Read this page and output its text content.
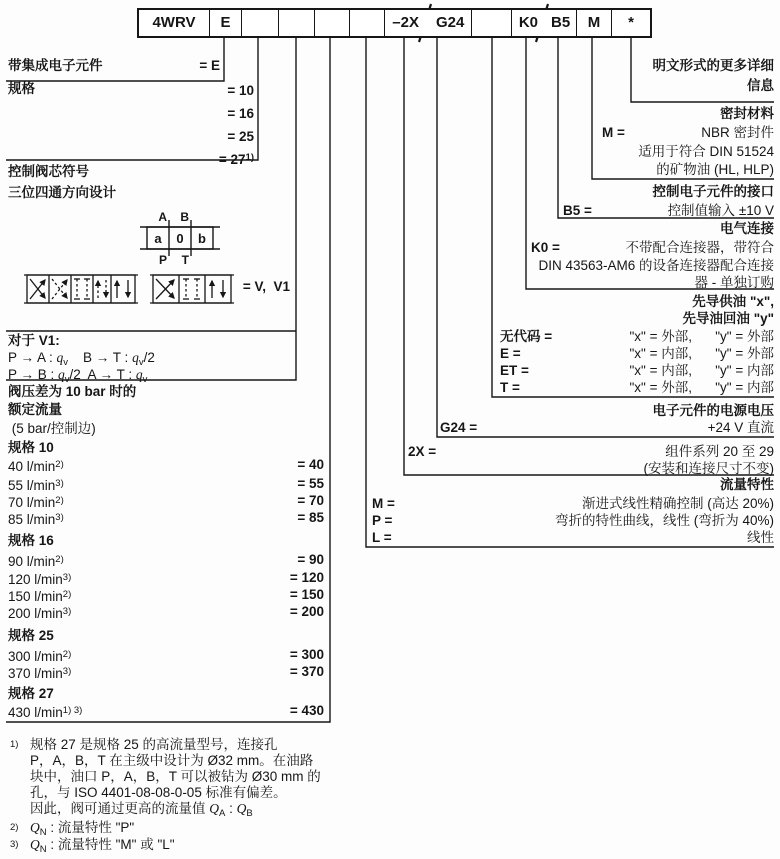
4WRV	E	–2X	G24	K0 B5	M	*
带集成电子元件	= E
规格	= 10
= 16
= 25
= $27^{1)}$
控制阀芯符号
三位四通方向设计
A B
P T
a 0 b
= V,  V1
对于 V1:
P → A : $q_v$    B → T : $q_v/2$
P → B : $q_v/2$  A → T : $q_v$
阀压差为 10 bar 时的
额定流量
(5 bar/控制边)
规格 10
40 $l/\min^{2)}$	= 40
55 $l/\min^{3)}$	= 55
70 $l/\min^{2)}$	= 70
85 $l/\min^{3)}$	= 85
规格 16
90 $l/\min^{2)}$	= 90
120 $l/\min^{3)}$	= 120
150 $l/\min^{2)}$	= 150
200 $l/\min^{3)}$	= 200
规格 25
300 $l/\min^{2)}$	= 300
370 $l/\min^{3)}$	= 370
规格 27
430 $l/\min^{1) 3)}$	= 430
$^{1)}$ 规格 27 是规格 25 的高流量型号，连接孔
P，A，B，T 在主级中设计为 Ø32 mm。在油路
块中，油口 P，A，B，T 可以被钻为 Ø30 mm 的
孔，与 ISO 4401-08-08-0-05 标准有偏差。
因此，阀可通过更高的流量值 $Q_A$ : $Q_B$
$^{2)}$ $Q_N$ : 流量特性 "P"
$^{3)}$ $Q_N$ : 流量特性 "M" 或 "L"
明文形式的更多详细
信息
密封材料
M =	NBR 密封件
适用于符合 DIN 51524
的矿物油 (HL, HLP)
控制电子元件的接口
B5 =	控制值输入 ±10 V
电气连接
K0 =	不带配合连接器，带符合
DIN 43563-AM6 的设备连接器配合连接
器 - 单独订购
先导供油 "x",
先导油回油 "y"
无代码 =	"x" = 外部,	"y" = 外部
E =	"x" = 内部,	"y" = 外部
ET =	"x" = 内部,	"y" = 内部
T =	"x" = 外部,	"y" = 内部
电子元件的电源电压
G24 =	+24 V 直流
2X =	组件系列 20 至 29
(安装和连接尺寸不变)
流量特性
M =	渐进式线性精确控制 (高达 20%)
P =	弯折的特性曲线，线性 (弯折为 40%)
L =	线性
